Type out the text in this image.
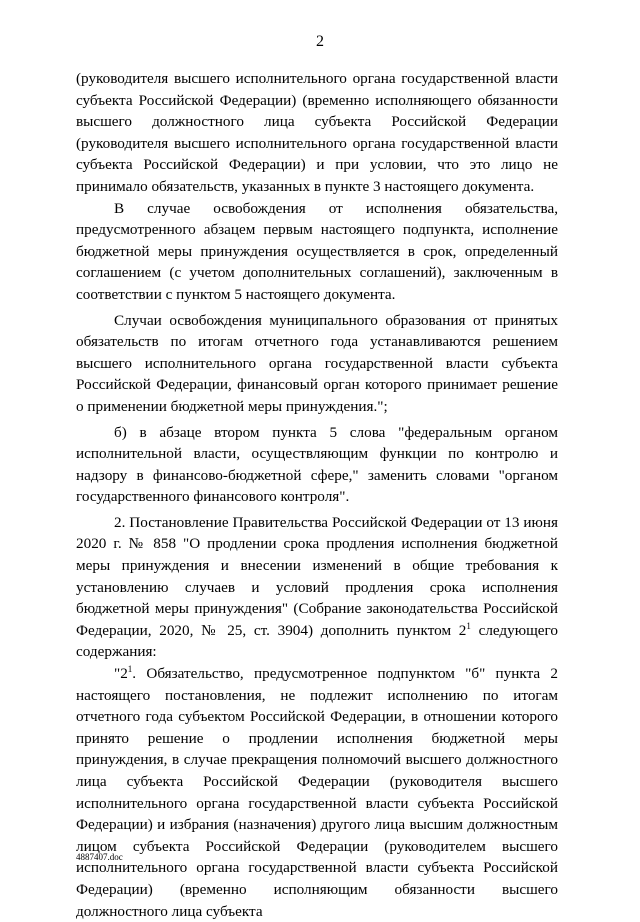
2

(руководителя высшего исполнительного органа государственной власти субъекта Российской Федерации) (временно исполняющего обязанности высшего должностного лица субъекта Российской Федерации (руководителя высшего исполнительного органа государственной власти субъекта Российской Федерации) и при условии, что это лицо не принимало обязательств, указанных в пункте 3 настоящего документа.

В случае освобождения от исполнения обязательства, предусмотренного абзацем первым настоящего подпункта, исполнение бюджетной меры принуждения осуществляется в срок, определенный соглашением (с учетом дополнительных соглашений), заключенным в соответствии с пунктом 5 настоящего документа.

Случаи освобождения муниципального образования от принятых обязательств по итогам отчетного года устанавливаются решением высшего исполнительного органа государственной власти субъекта Российской Федерации, финансовый орган которого принимает решение о применении бюджетной меры принуждения.";

б) в абзаце втором пункта 5 слова "федеральным органом исполнительной власти, осуществляющим функции по контролю и надзору в финансово-бюджетной сфере," заменить словами "органом государственного финансового контроля".

2. Постановление Правительства Российской Федерации от 13 июня 2020 г. № 858 "О продлении срока продления исполнения бюджетной меры принуждения и внесении изменений в общие требования к установлению случаев и условий продления срока исполнения бюджетной меры принуждения" (Собрание законодательства Российской Федерации, 2020, № 25, ст. 3904) дополнить пунктом $2^1$ следующего содержания:

"$2^1$. Обязательство, предусмотренное подпунктом "б" пункта 2 настоящего постановления, не подлежит исполнению по итогам отчетного года субъектом Российской Федерации, в отношении которого принято решение о продлении исполнения бюджетной меры принуждения, в случае прекращения полномочий высшего должностного лица субъекта Российской Федерации (руководителя высшего исполнительного органа государственной власти субъекта Российской Федерации) и избрания (назначения) другого лица высшим должностным лицом субъекта Российской Федерации (руководителем высшего исполнительного органа государственной власти субъекта Российской Федерации) (временно исполняющим обязанности высшего должностного лица субъекта

4887407.doc
